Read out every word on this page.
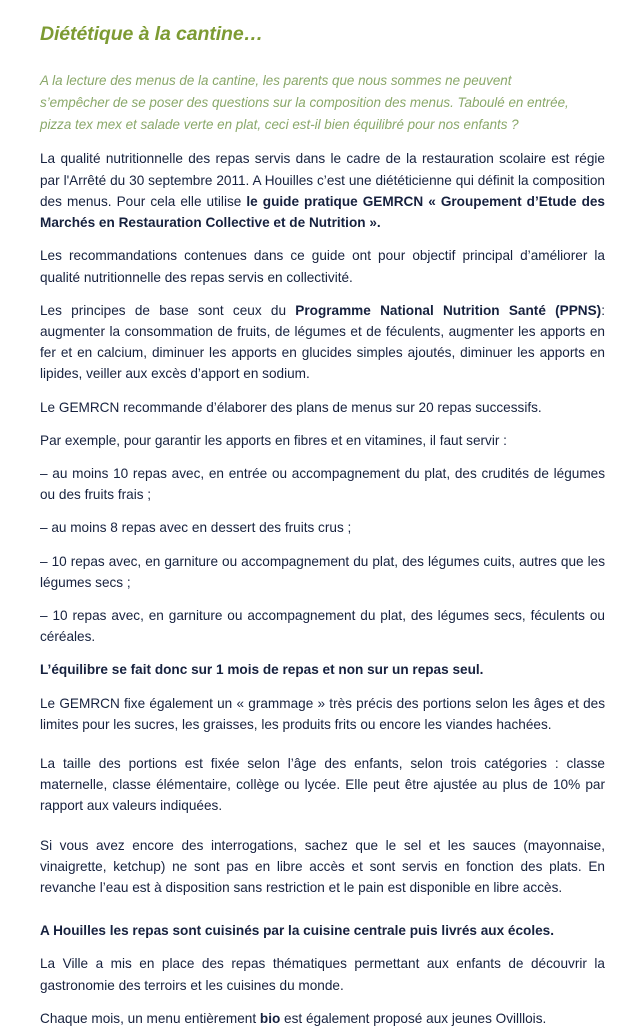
Diététique à la cantine…

A la lecture des menus de la cantine, les parents que nous sommes ne peuvent s’empêcher de se poser des questions sur la composition des menus. Taboulé en entrée, pizza tex mex et salade verte en plat, ceci est-il bien équilibré pour nos enfants ?

La qualité nutritionnelle des repas servis dans le cadre de la restauration scolaire est régie par l'Arrêté du 30 septembre 2011. A Houilles c’est une diététicienne qui définit la composition des menus. Pour cela elle utilise le guide pratique GEMRCN « Groupement d’Etude des Marchés en Restauration Collective et de Nutrition ».

Les recommandations contenues dans ce guide ont pour objectif principal d’améliorer la qualité nutritionnelle des repas servis en collectivité.

Les principes de base sont ceux du Programme National Nutrition Santé (PPNS): augmenter la consommation de fruits, de légumes et de féculents, augmenter les apports en fer et en calcium, diminuer les apports en glucides simples ajoutés, diminuer les apports en lipides, veiller aux excès d’apport en sodium.

Le GEMRCN recommande d’élaborer des plans de menus sur 20 repas successifs.

Par exemple, pour garantir les apports en fibres et en vitamines, il faut servir :

– au moins 10 repas avec, en entrée ou accompagnement du plat, des crudités de légumes ou des fruits frais ;

– au moins 8 repas avec en dessert des fruits crus ;

– 10 repas avec, en garniture ou accompagnement du plat, des légumes cuits, autres que les légumes secs ;

– 10 repas avec, en garniture ou accompagnement du plat, des légumes secs, féculents ou céréales.

L’équilibre se fait donc sur 1 mois de repas et non sur un repas seul.

Le GEMRCN fixe également un « grammage » très précis des portions selon les âges et des limites pour les sucres, les graisses, les produits frits ou encore les viandes hachées.

La taille des portions est fixée selon l’âge des enfants, selon trois catégories : classe maternelle, classe élémentaire, collège ou lycée. Elle peut être ajustée au plus de 10% par rapport aux valeurs indiquées.

Si vous avez encore des interrogations, sachez que le sel et les sauces (mayonnaise, vinaigrette, ketchup) ne sont pas en libre accès et sont servis en fonction des plats. En revanche l’eau est à disposition sans restriction et le pain est disponible en libre accès.

A Houilles les repas sont cuisinés par la cuisine centrale puis livrés aux écoles.

La Ville a mis en place des repas thématiques permettant aux enfants de découvrir la gastronomie des terroirs et les cuisines du monde.

Chaque mois, un menu entièrement bio est également proposé aux jeunes Ovilllois.
